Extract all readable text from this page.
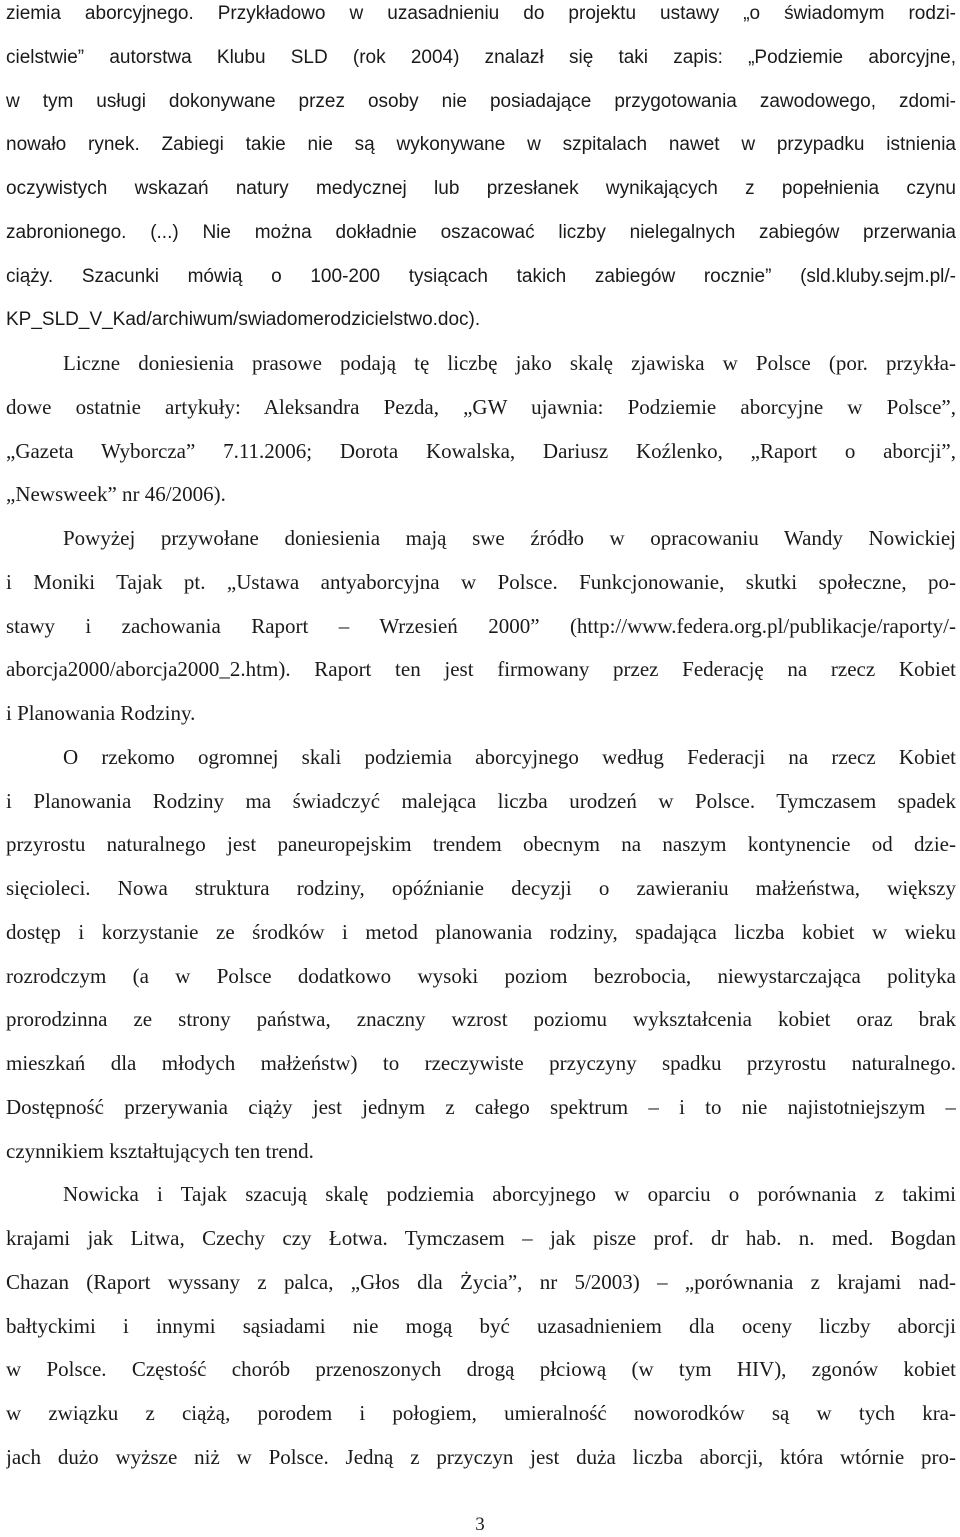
ziemia aborcyjnego. Przykładowo w uzasadnieniu do projektu ustawy „o świadomym rodzi-
cielstwie” autorstwa Klubu SLD (rok 2004) znalazł się taki zapis: „Podziemie aborcyjne,
w tym usługi dokonywane przez osoby nie posiadające przygotowania zawodowego, zdomi-
nowało rynek. Zabiegi takie nie są wykonywane w szpitalach nawet w przypadku istnienia
oczywistych wskazań natury medycznej lub przesłanek wynikających z popełnienia czynu
zabronionego. (...) Nie można dokładnie oszacować liczby nielegalnych zabiegów przerwania
ciąży. Szacunki mówią o 100-200 tysiącach takich zabiegów rocznie” (sld.kluby.sejm.pl/-
KP_SLD_V_Kad/archiwum/swiadomerodzicielstwo.doc).
Liczne doniesienia prasowe podają tę liczbę jako skalę zjawiska w Polsce (por. przykła-
dowe ostatnie artykuły: Aleksandra Pezda, „GW ujawnia: Podziemie aborcyjne w Polsce”,
„Gazeta Wyborcza” 7.11.2006; Dorota Kowalska, Dariusz Koźlenko, „Raport o aborcji”,
„Newsweek” nr 46/2006).
Powyżej przywołane doniesienia mają swe źródło w opracowaniu Wandy Nowickiej
i Moniki Tajak pt. „Ustawa antyaborcyjna w Polsce. Funkcjonowanie, skutki społeczne, po-
stawy i zachowania Raport – Wrzesień 2000” (http://www.federa.org.pl/publikacje/raporty/-
aborcja2000/aborcja2000_2.htm). Raport ten jest firmowany przez Federację na rzecz Kobiet
i Planowania Rodziny.
O rzekomo ogromnej skali podziemia aborcyjnego według Federacji na rzecz Kobiet
i Planowania Rodziny ma świadczyć malejąca liczba urodzeń w Polsce. Tymczasem spadek
przyrostu naturalnego jest paneuropejskim trendem obecnym na naszym kontynencie od dzie-
sięcioleci. Nowa struktura rodziny, opóźnianie decyzji o zawieraniu małżeństwa, większy
dostęp i korzystanie ze środków i metod planowania rodziny, spadająca liczba kobiet w wieku
rozrodczym (a w Polsce dodatkowo wysoki poziom bezrobocia, niewystarczająca polityka
prorodzinna ze strony państwa, znaczny wzrost poziomu wykształcenia kobiet oraz brak
mieszkań dla młodych małżeństw) to rzeczywiste przyczyny spadku przyrostu naturalnego.
Dostępność przerywania ciąży jest jednym z całego spektrum – i to nie najistotniejszym –
czynnikiem kształtujących ten trend.
Nowicka i Tajak szacują skalę podziemia aborcyjnego w oparciu o porównania z takimi
krajami jak Litwa, Czechy czy Łotwa. Tymczasem – jak pisze prof. dr hab. n. med. Bogdan
Chazan (Raport wyssany z palca, „Głos dla Życia”, nr 5/2003) – „porównania z krajami nad-
bałtyckimi i innymi sąsiadami nie mogą być uzasadnieniem dla oceny liczby aborcji
w Polsce. Częstość chorób przenoszonych drogą płciową (w tym HIV), zgonów kobiet
w związku z ciążą, porodem i połogiem, umieralność noworodków są w tych kra-
jach dużo wyższe niż w Polsce. Jedną z przyczyn jest duża liczba aborcji, która wtórnie pro-
3
